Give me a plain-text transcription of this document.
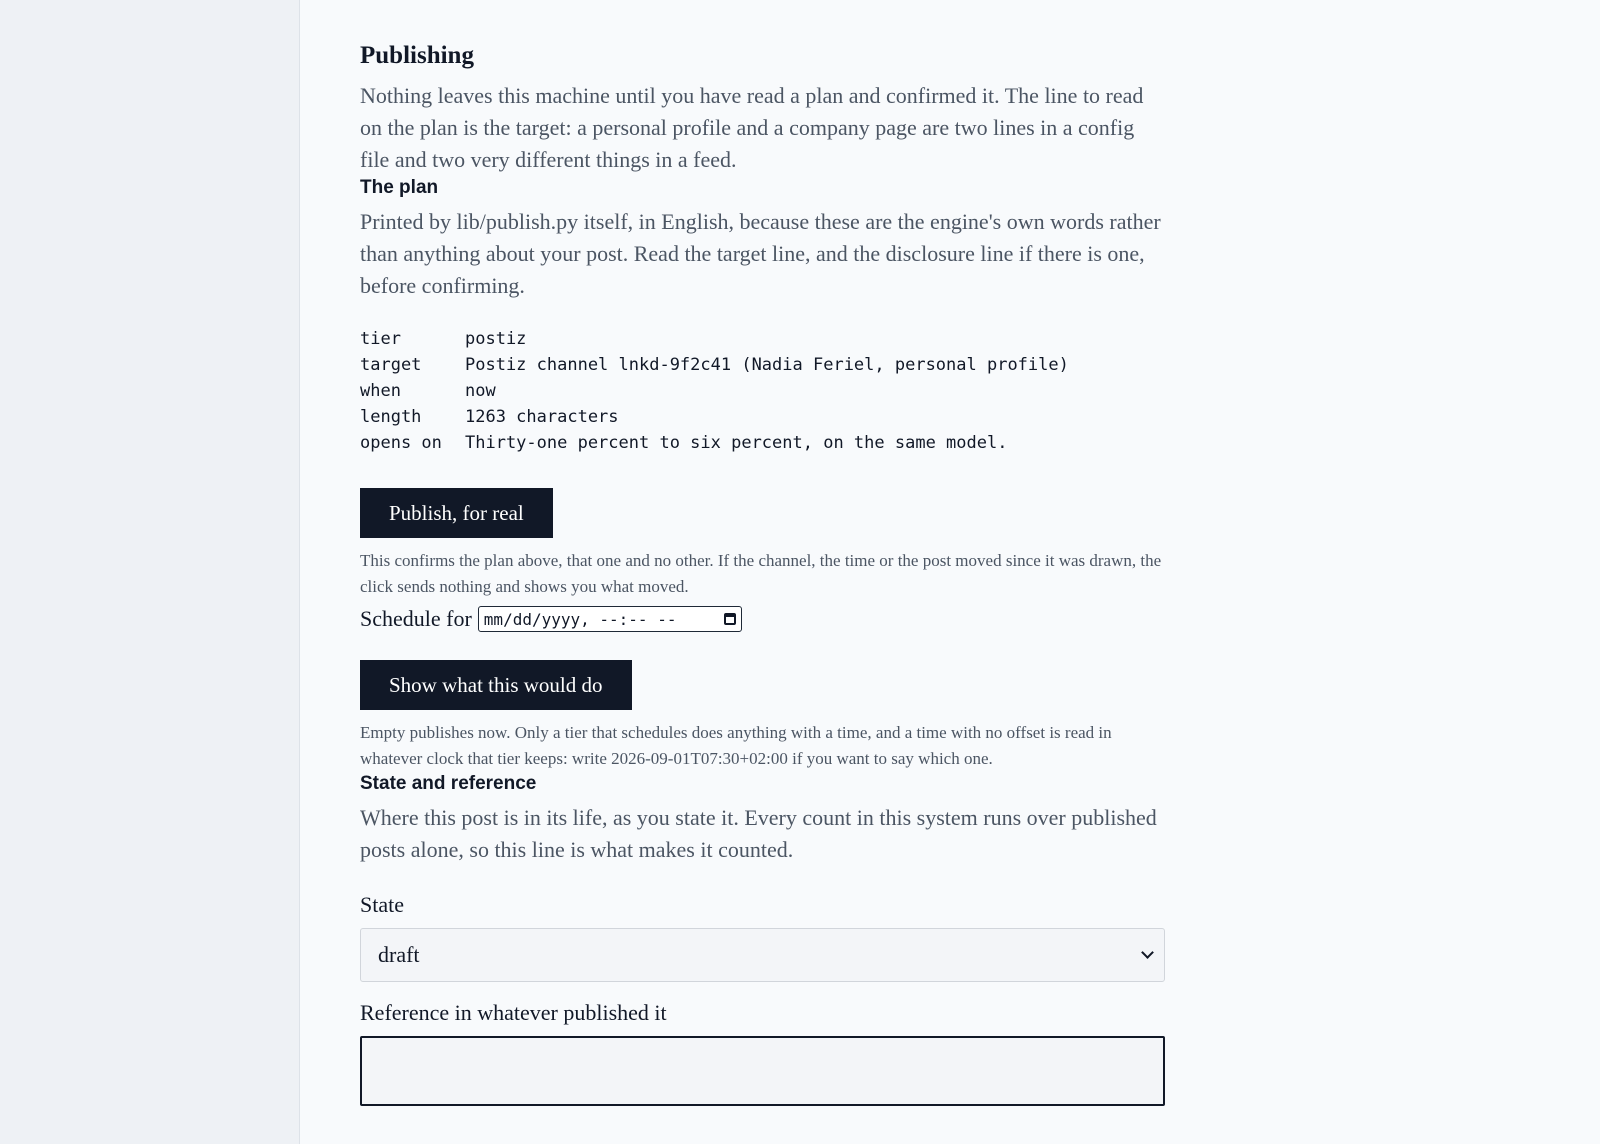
Publishing

Nothing leaves this machine until you have read a plan and confirmed it. The line to read on the plan is the target: a personal profile and a company page are two lines in a config file and two very different things in a feed.

The plan

Printed by lib/publish.py itself, in English, because these are the engine's own words rather than anything about your post. Read the target line, and the disclosure line if there is one, before confirming.

tier	postiz
target	Postiz channel lnkd-9f2c41 (Nadia Feriel, personal profile)
when	now
length	1263 characters
opens on	Thirty-one percent to six percent, on the same model.
Publish, for real

This confirms the plan above, that one and no other. If the channel, the time or the post moved since it was drawn, the click sends nothing and shows you what moved.

Schedule for mm/dd/yyyy, --:-- --
Show what this would do

Empty publishes now. Only a tier that schedules does anything with a time, and a time with no offset is read in whatever clock that tier keeps: write 2026-09-01T07:30+02:00 if you want to say which one.

State and reference

Where this post is in its life, as you state it. Every count in this system runs over published posts alone, so this line is what makes it counted.

State
draft
Reference in whatever published it
